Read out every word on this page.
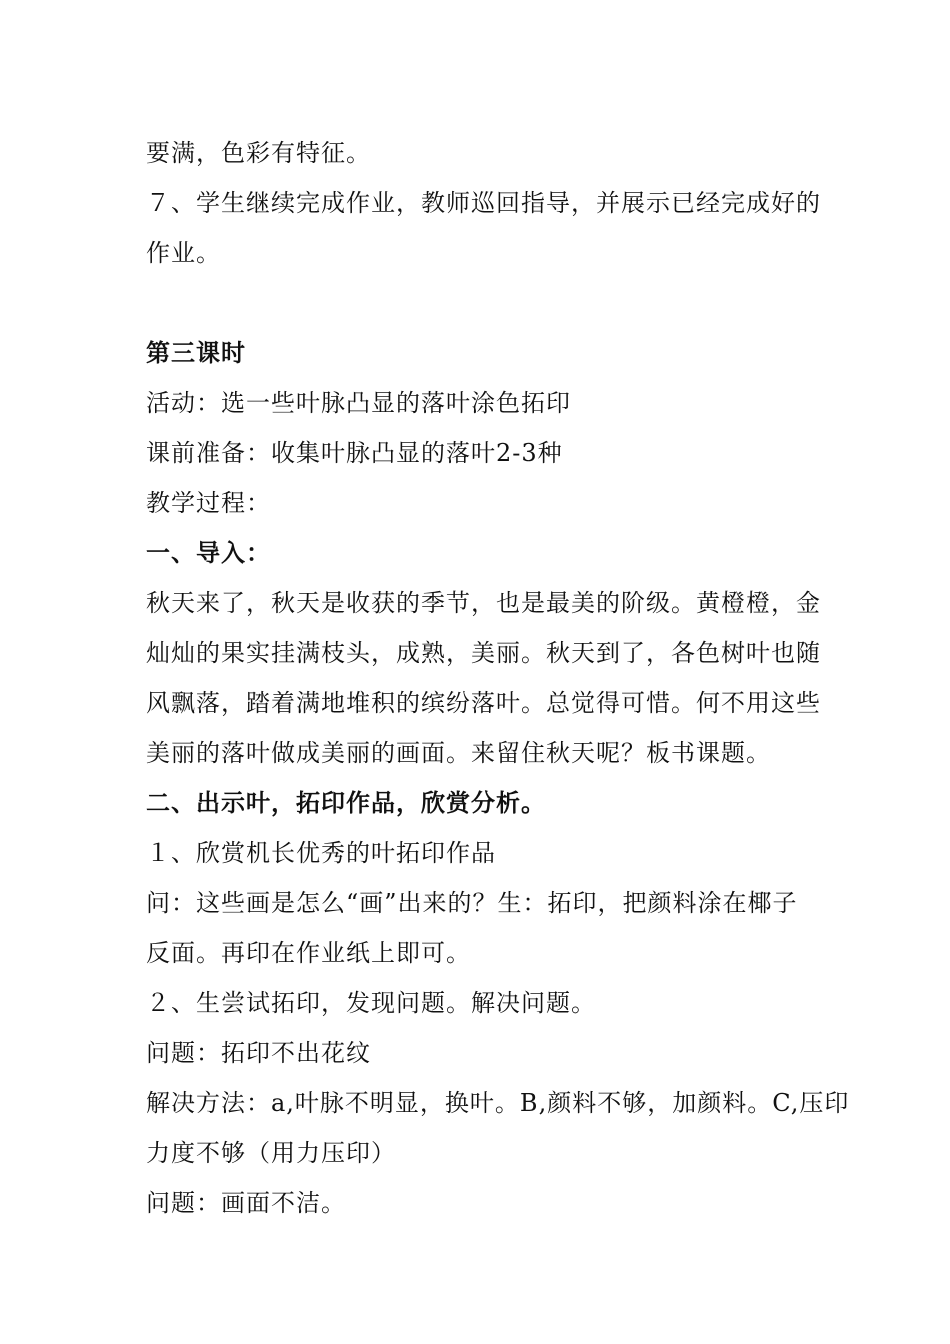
要满，色彩有特征。
７、学生继续完成作业，教师巡回指导，并展示已经完成好的
作业。
第三课时
活动：选一些叶脉凸显的落叶涂色拓印
课前准备：收集叶脉凸显的落叶2-3种
教学过程：
一、导入：
秋天来了，秋天是收获的季节，也是最美的阶级。黄橙橙，金
灿灿的果实挂满枝头，成熟，美丽。秋天到了，各色树叶也随
风飘落，踏着满地堆积的缤纷落叶。总觉得可惜。何不用这些
美丽的落叶做成美丽的画面。来留住秋天呢？板书课题。
二、出示叶，拓印作品，欣赏分析。
１、欣赏机长优秀的叶拓印作品
问：这些画是怎么“画”出来的？生：拓印，把颜料涂在椰子
反面。再印在作业纸上即可。
２、生尝试拓印，发现问题。解决问题。
问题：拓印不出花纹
解决方法：a,叶脉不明显，换叶。B,颜料不够，加颜料。C,压印
力度不够（用力压印）
问题：画面不洁。
